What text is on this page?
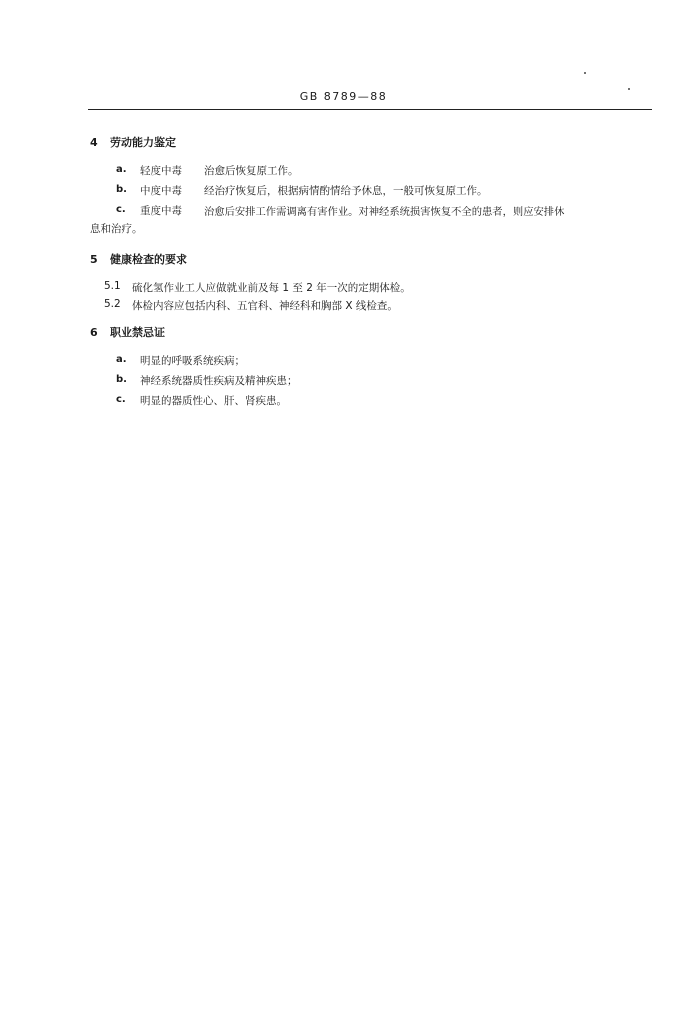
GB 8789—88
4 劳动能力鉴定
a. 轻度中毒 治愈后恢复原工作。
b. 中度中毒 经治疗恢复后，根据病情酌情给予休息，一般可恢复原工作。
c. 重度中毒 治愈后安排工作需调离有害作业。对神经系统损害恢复不全的患者，则应安排休
息和治疗。
5 健康检查的要求
5.1 硫化氢作业工人应做就业前及每 1 至 2 年一次的定期体检。
5.2 体检内容应包括内科、五官科、神经科和胸部 X 线检查。
6 职业禁忌证
a. 明显的呼吸系统疾病；
b. 神经系统器质性疾病及精神疾患；
c. 明显的器质性心、肝、肾疾患。
